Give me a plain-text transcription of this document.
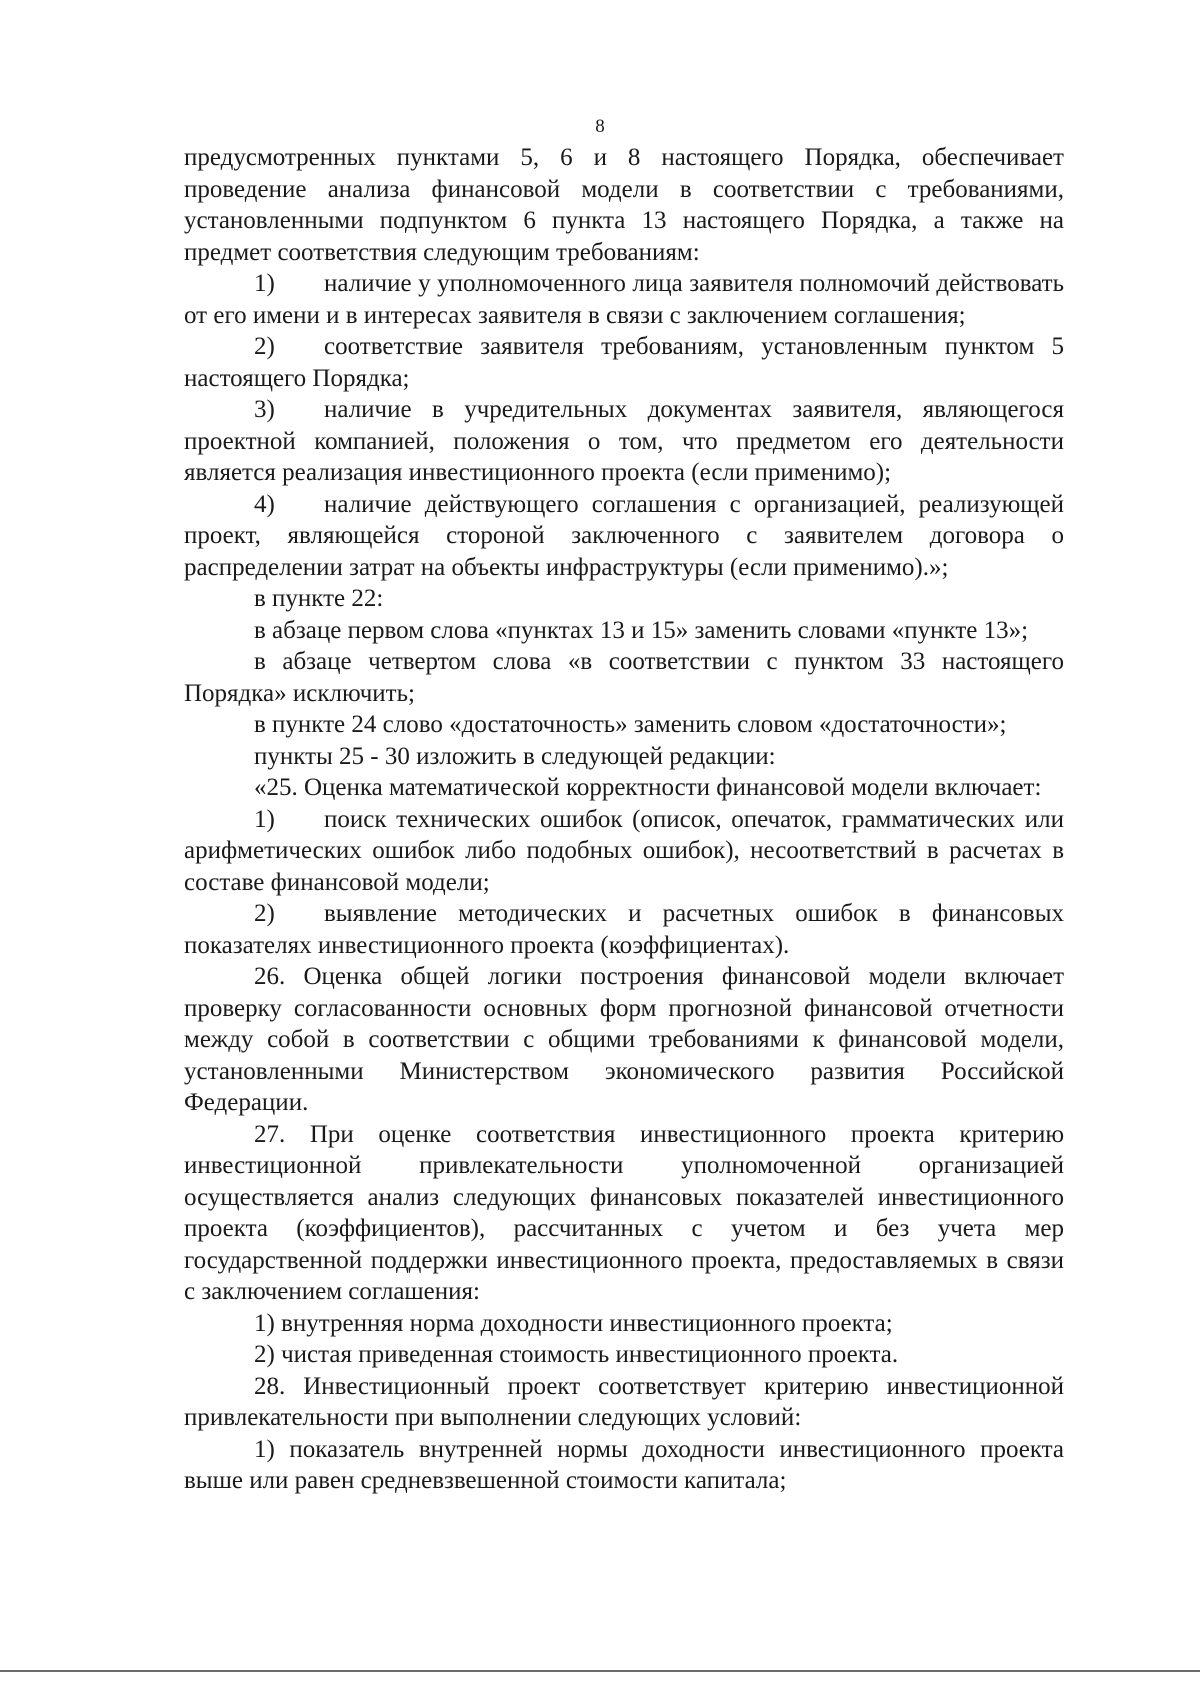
8

предусмотренных пунктами 5, 6 и 8 настоящего Порядка, обеспечивает проведение анализа финансовой модели в соответствии с требованиями, установленными подпунктом 6 пункта 13 настоящего Порядка, а также на предмет соответствия следующим требованиям:

1) наличие у уполномоченного лица заявителя полномочий действовать от его имени и в интересах заявителя в связи с заключением соглашения;

2) соответствие заявителя требованиям, установленным пунктом 5 настоящего Порядка;

3) наличие в учредительных документах заявителя, являющегося проектной компанией, положения о том, что предметом его деятельности является реализация инвестиционного проекта (если применимо);

4) наличие действующего соглашения с организацией, реализующей проект, являющейся стороной заключенного с заявителем договора о распределении затрат на объекты инфраструктуры (если применимо).»;

в пункте 22:

в абзаце первом слова «пунктах 13 и 15» заменить словами «пункте 13»;

в абзаце четвертом слова «в соответствии с пунктом 33 настоящего Порядка» исключить;

в пункте 24 слово «достаточность» заменить словом «достаточности»;

пункты 25 - 30 изложить в следующей редакции:

«25. Оценка математической корректности финансовой модели включает:

1) поиск технических ошибок (описок, опечаток, грамматических или арифметических ошибок либо подобных ошибок), несоответствий в расчетах в составе финансовой модели;

2) выявление методических и расчетных ошибок в финансовых показателях инвестиционного проекта (коэффициентах).

26. Оценка общей логики построения финансовой модели включает проверку согласованности основных форм прогнозной финансовой отчетности между собой в соответствии с общими требованиями к финансовой модели, установленными Министерством экономического развития Российской Федерации.

27. При оценке соответствия инвестиционного проекта критерию инвестиционной привлекательности уполномоченной организацией осуществляется анализ следующих финансовых показателей инвестиционного проекта (коэффициентов), рассчитанных с учетом и без учета мер государственной поддержки инвестиционного проекта, предоставляемых в связи с заключением соглашения:

1) внутренняя норма доходности инвестиционного проекта;

2) чистая приведенная стоимость инвестиционного проекта.

28. Инвестиционный проект соответствует критерию инвестиционной привлекательности при выполнении следующих условий:

1) показатель внутренней нормы доходности инвестиционного проекта выше или равен средневзвешенной стоимости капитала;
